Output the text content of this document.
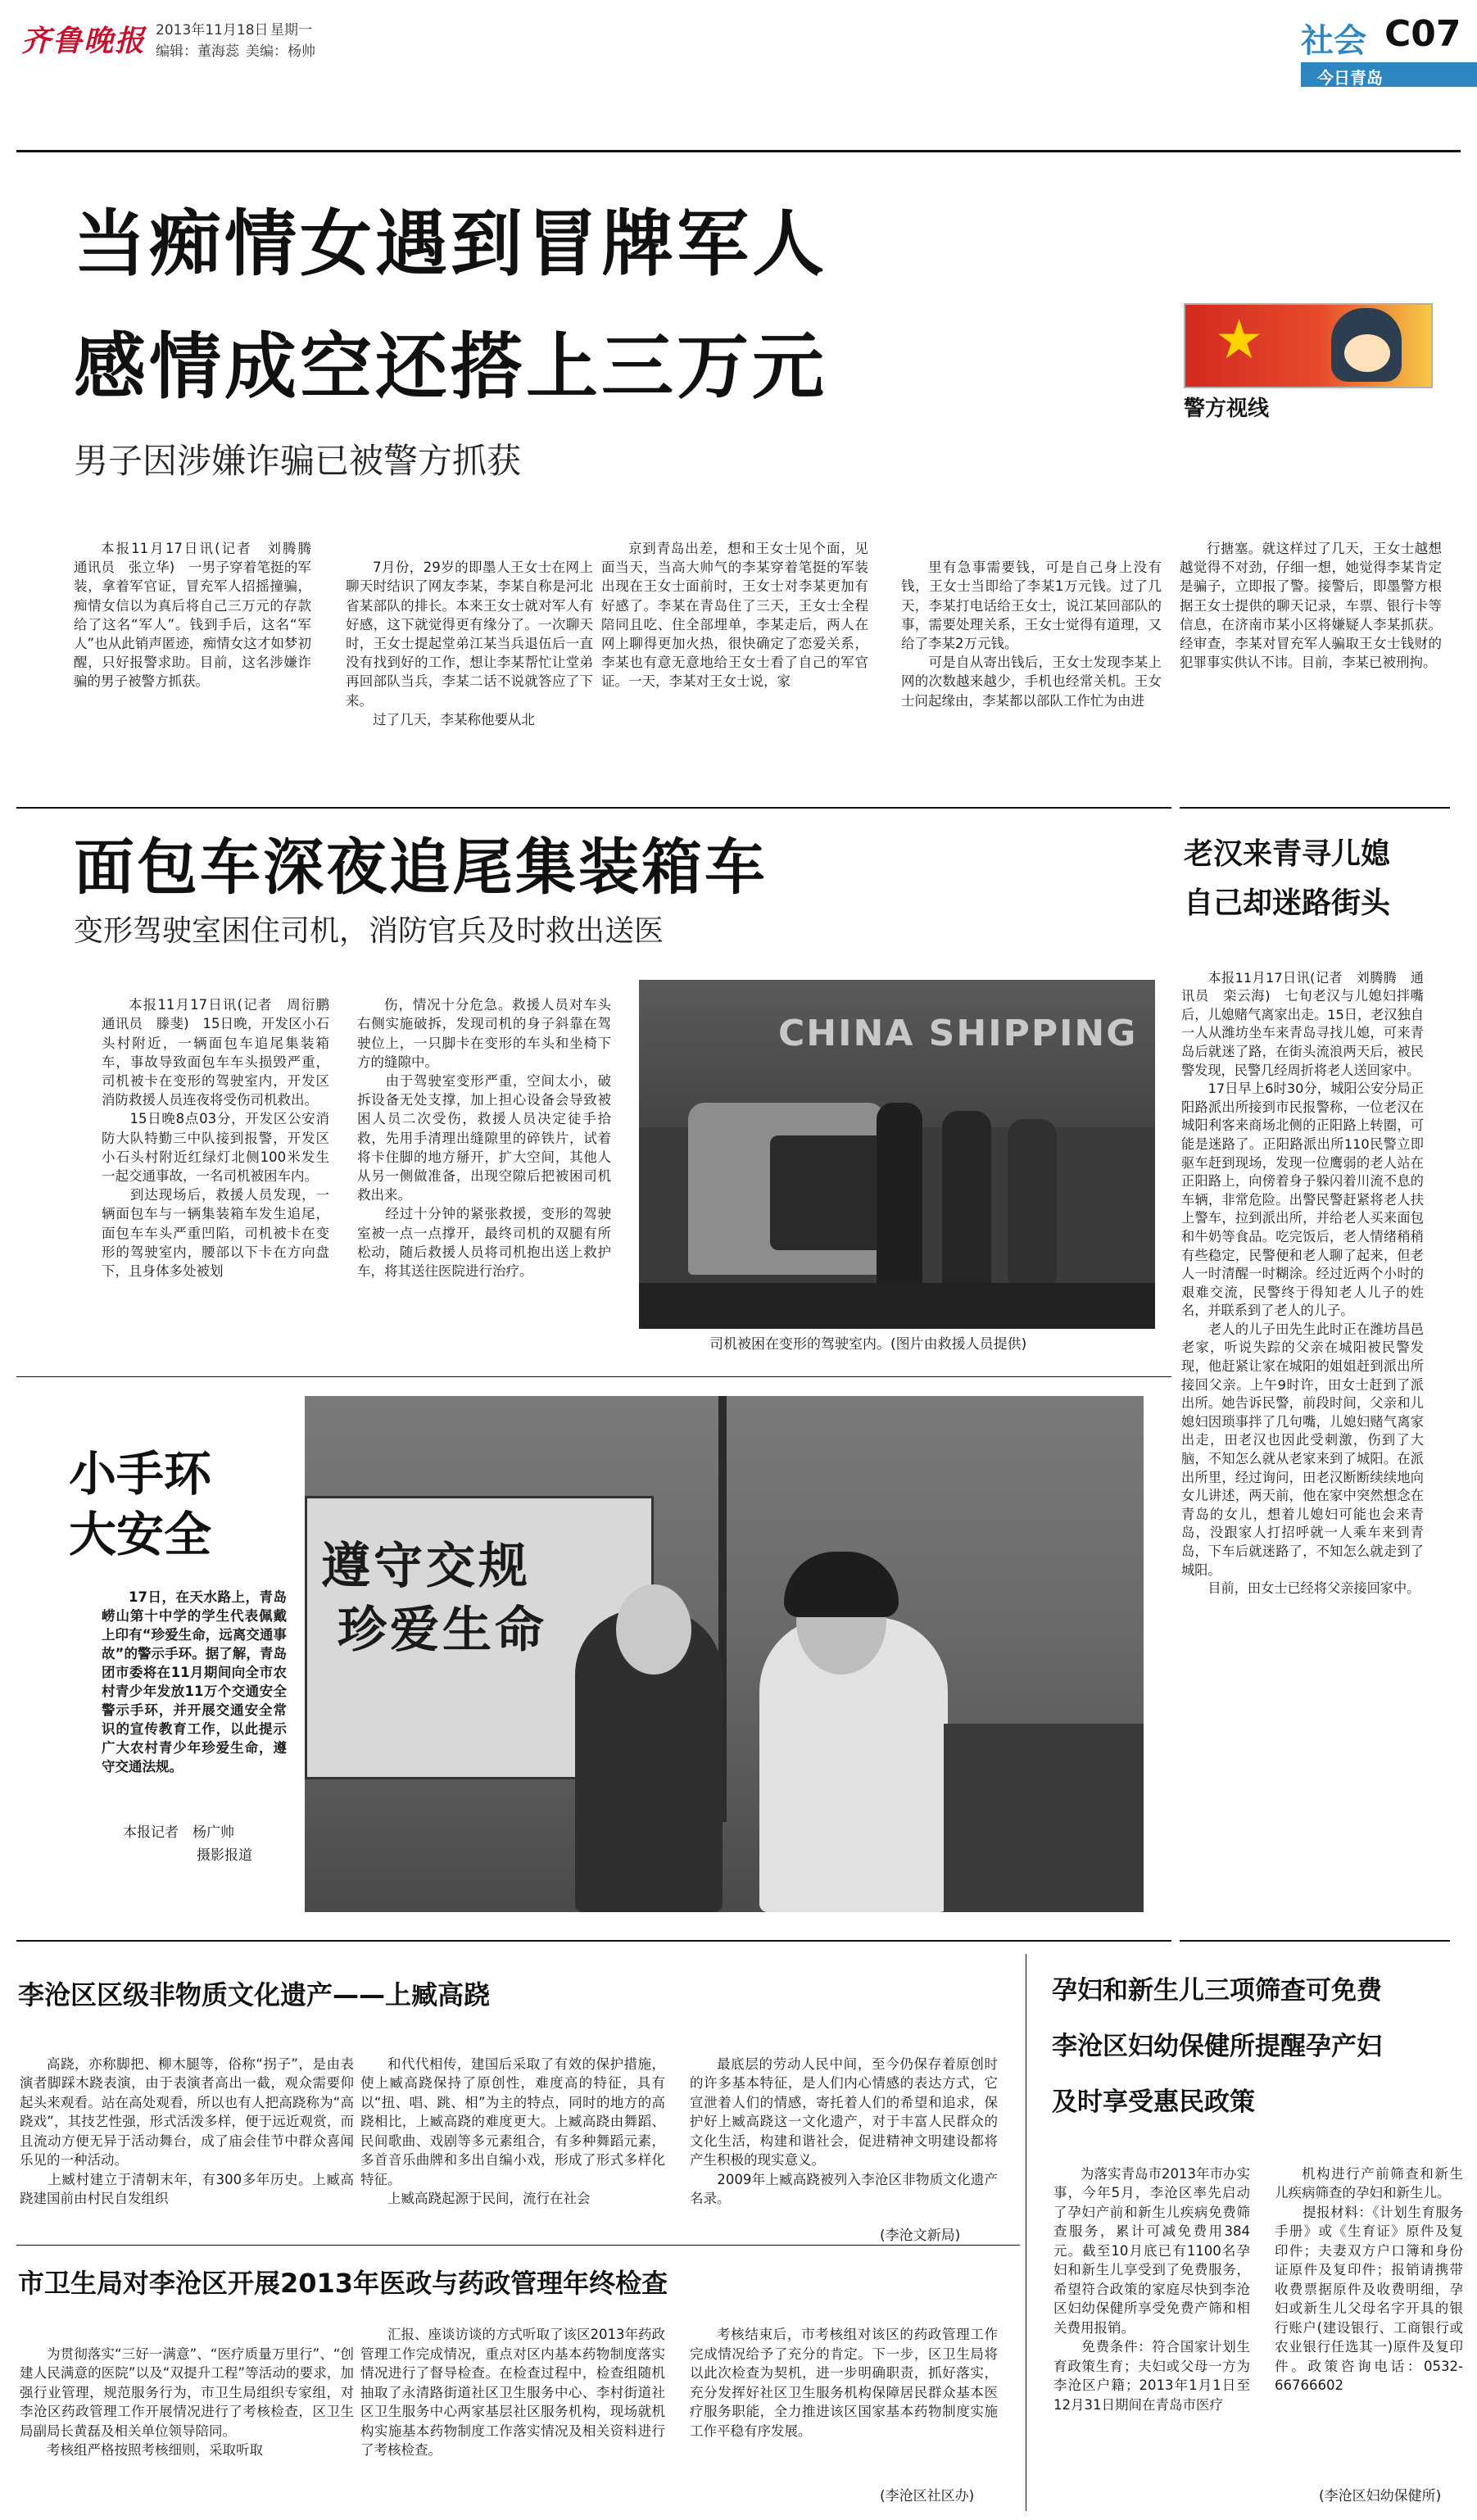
齐鲁晚报 2013年11月18日 星期一
编辑：董海蕊 美编：杨帅	社会 C07
今日青岛
当痴情女遇到冒牌军人
感情成空还搭上三万元
男子因涉嫌诈骗已被警方抓获
★
警方视线

本报11月17日讯(记者　刘腾腾　通讯员　张立华)　一男子穿着笔挺的军装，拿着军官证，冒充军人招摇撞骗，痴情女信以为真后将自己三万元的存款给了这名“军人”。钱到手后，这名“军人”也从此销声匿迹，痴情女这才如梦初醒，只好报警求助。目前，这名涉嫌诈骗的男子被警方抓获。

7月份，29岁的即墨人王女士在网上聊天时结识了网友李某，李某自称是河北省某部队的排长。本来王女士就对军人有好感，这下就觉得更有缘分了。一次聊天时，王女士提起堂弟江某当兵退伍后一直没有找到好的工作，想让李某帮忙让堂弟再回部队当兵，李某二话不说就答应了下来。
　　过了几天，李某称他要从北

京到青岛出差，想和王女士见个面，见面当天，当高大帅气的李某穿着笔挺的军装出现在王女士面前时，王女士对李某更加有好感了。李某在青岛住了三天，王女士全程陪同且吃、住全部埋单，李某走后，两人在网上聊得更加火热，很快确定了恋爱关系，李某也有意无意地给王女士看了自己的军官证。一天，李某对王女士说，家

里有急事需要钱，可是自己身上没有钱，王女士当即给了李某1万元钱。过了几天，李某打电话给王女士，说江某回部队的事，需要处理关系，王女士觉得有道理，又给了李某2万元钱。
　　可是自从寄出钱后，王女士发现李某上网的次数越来越少，手机也经常关机。王女士问起缘由，李某都以部队工作忙为由进

行搪塞。就这样过了几天，王女士越想越觉得不对劲，仔细一想，她觉得李某肯定是骗子，立即报了警。接警后，即墨警方根据王女士提供的聊天记录，车票、银行卡等信息，在济南市某小区将嫌疑人李某抓获。经审查，李某对冒充军人骗取王女士钱财的犯罪事实供认不讳。目前，李某已被刑拘。

面包车深夜追尾集装箱车
变形驾驶室困住司机，消防官兵及时救出送医

本报11月17日讯(记者　周衍鹏　通讯员　滕斐)　15日晚，开发区小石头村附近，一辆面包车追尾集装箱车，事故导致面包车车头损毁严重，司机被卡在变形的驾驶室内，开发区消防救援人员连夜将受伤司机救出。
　　15日晚8点03分，开发区公安消防大队特勤三中队接到报警，开发区小石头村附近红绿灯北侧100米发生一起交通事故，一名司机被困车内。
　　到达现场后，救援人员发现，一辆面包车与一辆集装箱车发生追尾，面包车车头严重凹陷，司机被卡在变形的驾驶室内，腰部以下卡在方向盘下，且身体多处被划

伤，情况十分危急。救援人员对车头右侧实施破拆，发现司机的身子斜靠在驾驶位上，一只脚卡在变形的车头和坐椅下方的缝隙中。
　　由于驾驶室变形严重，空间太小，破拆设备无处支撑，加上担心设备会导致被困人员二次受伤，救援人员决定徒手拾救，先用手清理出缝隙里的碎铁片，试着将卡住脚的地方掰开，扩大空间，其他人从另一侧做准备，出现空隙后把被困司机救出来。
　　经过十分钟的紧张救援，变形的驾驶室被一点一点撑开，最终司机的双腿有所松动，随后救援人员将司机抱出送上救护车，将其送往医院进行治疗。

CHINA SHIPPING
司机被困在变形的驾驶室内。(图片由救援人员提供)
老汉来青寻儿媳
自己却迷路街头

本报11月17日讯(记者　刘腾腾　通讯员　栾云海)　七旬老汉与儿媳妇拌嘴后，儿媳赌气离家出走。15日，老汉独自一人从潍坊坐车来青岛寻找儿媳，可来青岛后就迷了路，在街头流浪两天后，被民警发现，民警几经周折将老人送回家中。
　　17日早上6时30分，城阳公安分局正阳路派出所接到市民报警称，一位老汉在城阳利客来商场北侧的正阳路上转圈，可能是迷路了。正阳路派出所110民警立即驱车赶到现场，发现一位鹰弱的老人站在正阳路上，向傍着身子躲闪着川流不息的车辆，非常危险。出警民警赶紧将老人扶上警车，拉到派出所，并给老人买来面包和牛奶等食品。吃完饭后，老人情绪稍稍有些稳定，民警便和老人聊了起来，但老人一时清醒一时糊涂。经过近两个小时的艰难交流，民警终于得知老人儿子的姓名，并联系到了老人的儿子。
　　老人的儿子田先生此时正在潍坊昌邑老家，听说失踪的父亲在城阳被民警发现，他赶紧让家在城阳的姐姐赶到派出所接回父亲。上午9时许，田女士赶到了派出所。她告诉民警，前段时间，父亲和儿媳妇因琐事拌了几句嘴，儿媳妇赌气离家出走，田老汉也因此受刺激，伤到了大脑，不知怎么就从老家来到了城阳。在派出所里，经过询问，田老汉断断续续地向女儿讲述，两天前，他在家中突然想念在青岛的女儿，想着儿媳妇可能也会来青岛，没跟家人打招呼就一人乘车来到青岛，下车后就迷路了，不知怎么就走到了城阳。
　　目前，田女士已经将父亲接回家中。

小手环
大安全

17日，在天水路上，青岛崂山第十中学的学生代表佩戴上印有“珍爱生命，远离交通事故”的警示手环。据了解，青岛团市委将在11月期间向全市农村青少年发放11万个交通安全警示手环，并开展交通安全常识的宣传教育工作，以此提示广大农村青少年珍爱生命，遵守交通法规。

本报记者　杨广帅
摄影报道
遵守交规
珍爱生命
李沧区区级非物质文化遗产——上臧高跷

高跷，亦称脚把、柳木腿等，俗称“拐子”，是由表演者脚踩木跷表演，由于表演者高出一截，观众需要仰起头来观看。站在高处观看，所以也有人把高跷称为“高跷戏”，其技艺性强，形式活泼多样，便于远近观赏，而且流动方便无异于活动舞台，成了庙会佳节中群众喜闻乐见的一种活动。
　　上臧村建立于清朝末年，有300多年历史。上臧高跷建国前由村民自发组织

和代代相传，建国后采取了有效的保护措施，使上臧高跷保持了原创性，难度高的特征，具有以“扭、唱、跳、相”为主的特点，同时的地方的高跷相比，上臧高跷的难度更大。上臧高跷由舞蹈、民间歌曲、戏剧等多元素组合，有多种舞蹈元素，多首音乐曲牌和多出自编小戏，形成了形式多样化特征。
　　上臧高跷起源于民间，流行在社会

最底层的劳动人民中间，至今仍保存着原创时的许多基本特征，是人们内心情感的表达方式，它宣泄着人们的情感，寄托着人们的希望和追求，保护好上臧高跷这一文化遗产，对于丰富人民群众的文化生活，构建和谐社会，促进精神文明建设都将产生积极的现实意义。
　　2009年上臧高跷被列入李沧区非物质文化遗产名录。

(李沧文新局)
市卫生局对李沧区开展2013年医政与药政管理年终检查

为贯彻落实“三好一满意”、“医疗质量万里行”、“创建人民满意的医院”以及“双提升工程”等活动的要求，加强行业管理，规范服务行为，市卫生局组织专家组，对李沧区药政管理工作开展情况进行了考核检查，区卫生局副局长黄磊及相关单位领导陪同。
　　考核组严格按照考核细则，采取听取

汇报、座谈访谈的方式听取了该区2013年药政管理工作完成情况，重点对区内基本药物制度落实情况进行了督导检查。在检查过程中，检查组随机抽取了永清路街道社区卫生服务中心、李村街道社区卫生服务中心两家基层社区服务机构，现场就机构实施基本药物制度工作落实情况及相关资料进行了考核检查。

考核结束后，市考核组对该区的药政管理工作完成情况给予了充分的肯定。下一步，区卫生局将以此次检查为契机，进一步明确职责，抓好落实，充分发挥好社区卫生服务机构保障居民群众基本医疗服务职能，全力推进该区国家基本药物制度实施工作平稳有序发展。

(李沧区社区办)
孕妇和新生儿三项筛查可免费
李沧区妇幼保健所提醒孕产妇
及时享受惠民政策

为落实青岛市2013年市办实事，今年5月，李沧区率先启动了孕妇产前和新生儿疾病免费筛查服务，累计可减免费用384元。截至10月底已有1100名孕妇和新生儿享受到了免费服务，希望符合政策的家庭尽快到李沧区妇幼保健所享受免费产筛和相关费用报销。
　　免费条件：符合国家计划生育政策生育；夫妇或父母一方为李沧区户籍；2013年1月1日至12月31日期间在青岛市医疗

机构进行产前筛查和新生儿疾病筛查的孕妇和新生儿。
　　提报材料：《计划生育服务手册》或《生育证》原件及复印件；夫妻双方户口簿和身份证原件及复印件；报销请携带收费票据原件及收费明细，孕妇或新生儿父母名字开具的银行账户(建设银行、工商银行或农业银行任选其一)原件及复印件。政策咨询电话：0532-66766602

(李沧区妇幼保健所)
